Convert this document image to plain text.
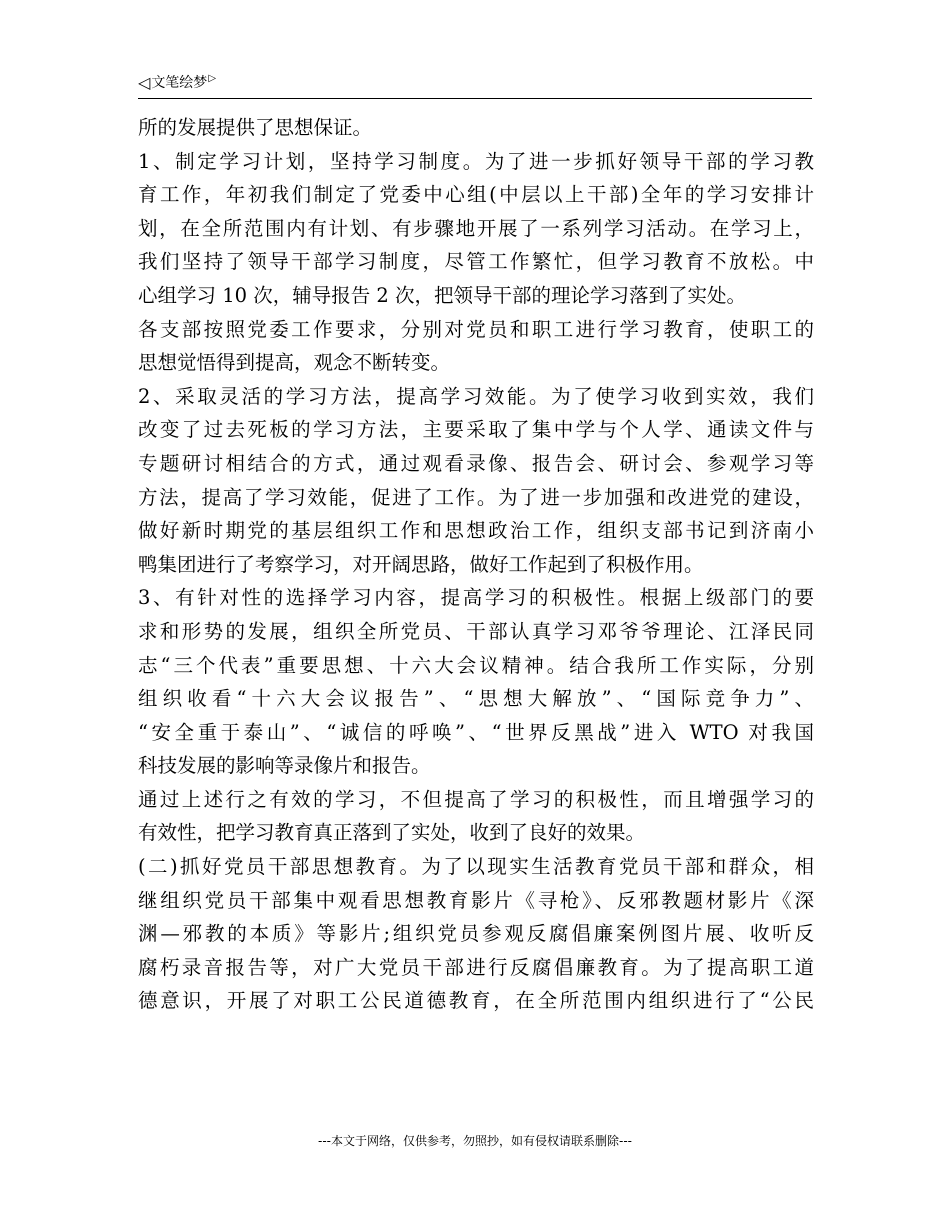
◁ 文笔绘梦 ▷
所的发展提供了思想保证。
1、制定学习计划，坚持学习制度。为了进一步抓好领导干部的学习教
育工作，年初我们制定了党委中心组(中层以上干部)全年的学习安排计
划，在全所范围内有计划、有步骤地开展了一系列学习活动。在学习上，
我们坚持了领导干部学习制度，尽管工作繁忙，但学习教育不放松。中
心组学习 10 次，辅导报告 2 次，把领导干部的理论学习落到了实处。
各支部按照党委工作要求，分别对党员和职工进行学习教育，使职工的
思想觉悟得到提高，观念不断转变。
2、采取灵活的学习方法，提高学习效能。为了使学习收到实效，我们
改变了过去死板的学习方法，主要采取了集中学与个人学、通读文件与
专题研讨相结合的方式，通过观看录像、报告会、研讨会、参观学习等
方法，提高了学习效能，促进了工作。为了进一步加强和改进党的建设，
做好新时期党的基层组织工作和思想政治工作，组织支部书记到济南小
鸭集团进行了考察学习，对开阔思路，做好工作起到了积极作用。
3、有针对性的选择学习内容，提高学习的积极性。根据上级部门的要
求和形势的发展，组织全所党员、干部认真学习邓爷爷理论、江泽民同
志“三个代表”重要思想、十六大会议精神。结合我所工作实际，分别
组织收看“十六大会议报告”、“思想大解放”、“国际竞争力”、
“安全重于泰山”、“诚信的呼唤”、“世界反黑战”进入 WTO 对我国
科技发展的影响等录像片和报告。
通过上述行之有效的学习，不但提高了学习的积极性，而且增强学习的
有效性，把学习教育真正落到了实处，收到了良好的效果。
(二)抓好党员干部思想教育。为了以现实生活教育党员干部和群众，相
继组织党员干部集中观看思想教育影片《寻枪》、反邪教题材影片《深
渊—邪教的本质》等影片;组织党员参观反腐倡廉案例图片展、收听反
腐朽录音报告等，对广大党员干部进行反腐倡廉教育。为了提高职工道
德意识，开展了对职工公民道德教育，在全所范围内组织进行了“公民
---本文于网络，仅供参考，勿照抄，如有侵权请联系删除---
